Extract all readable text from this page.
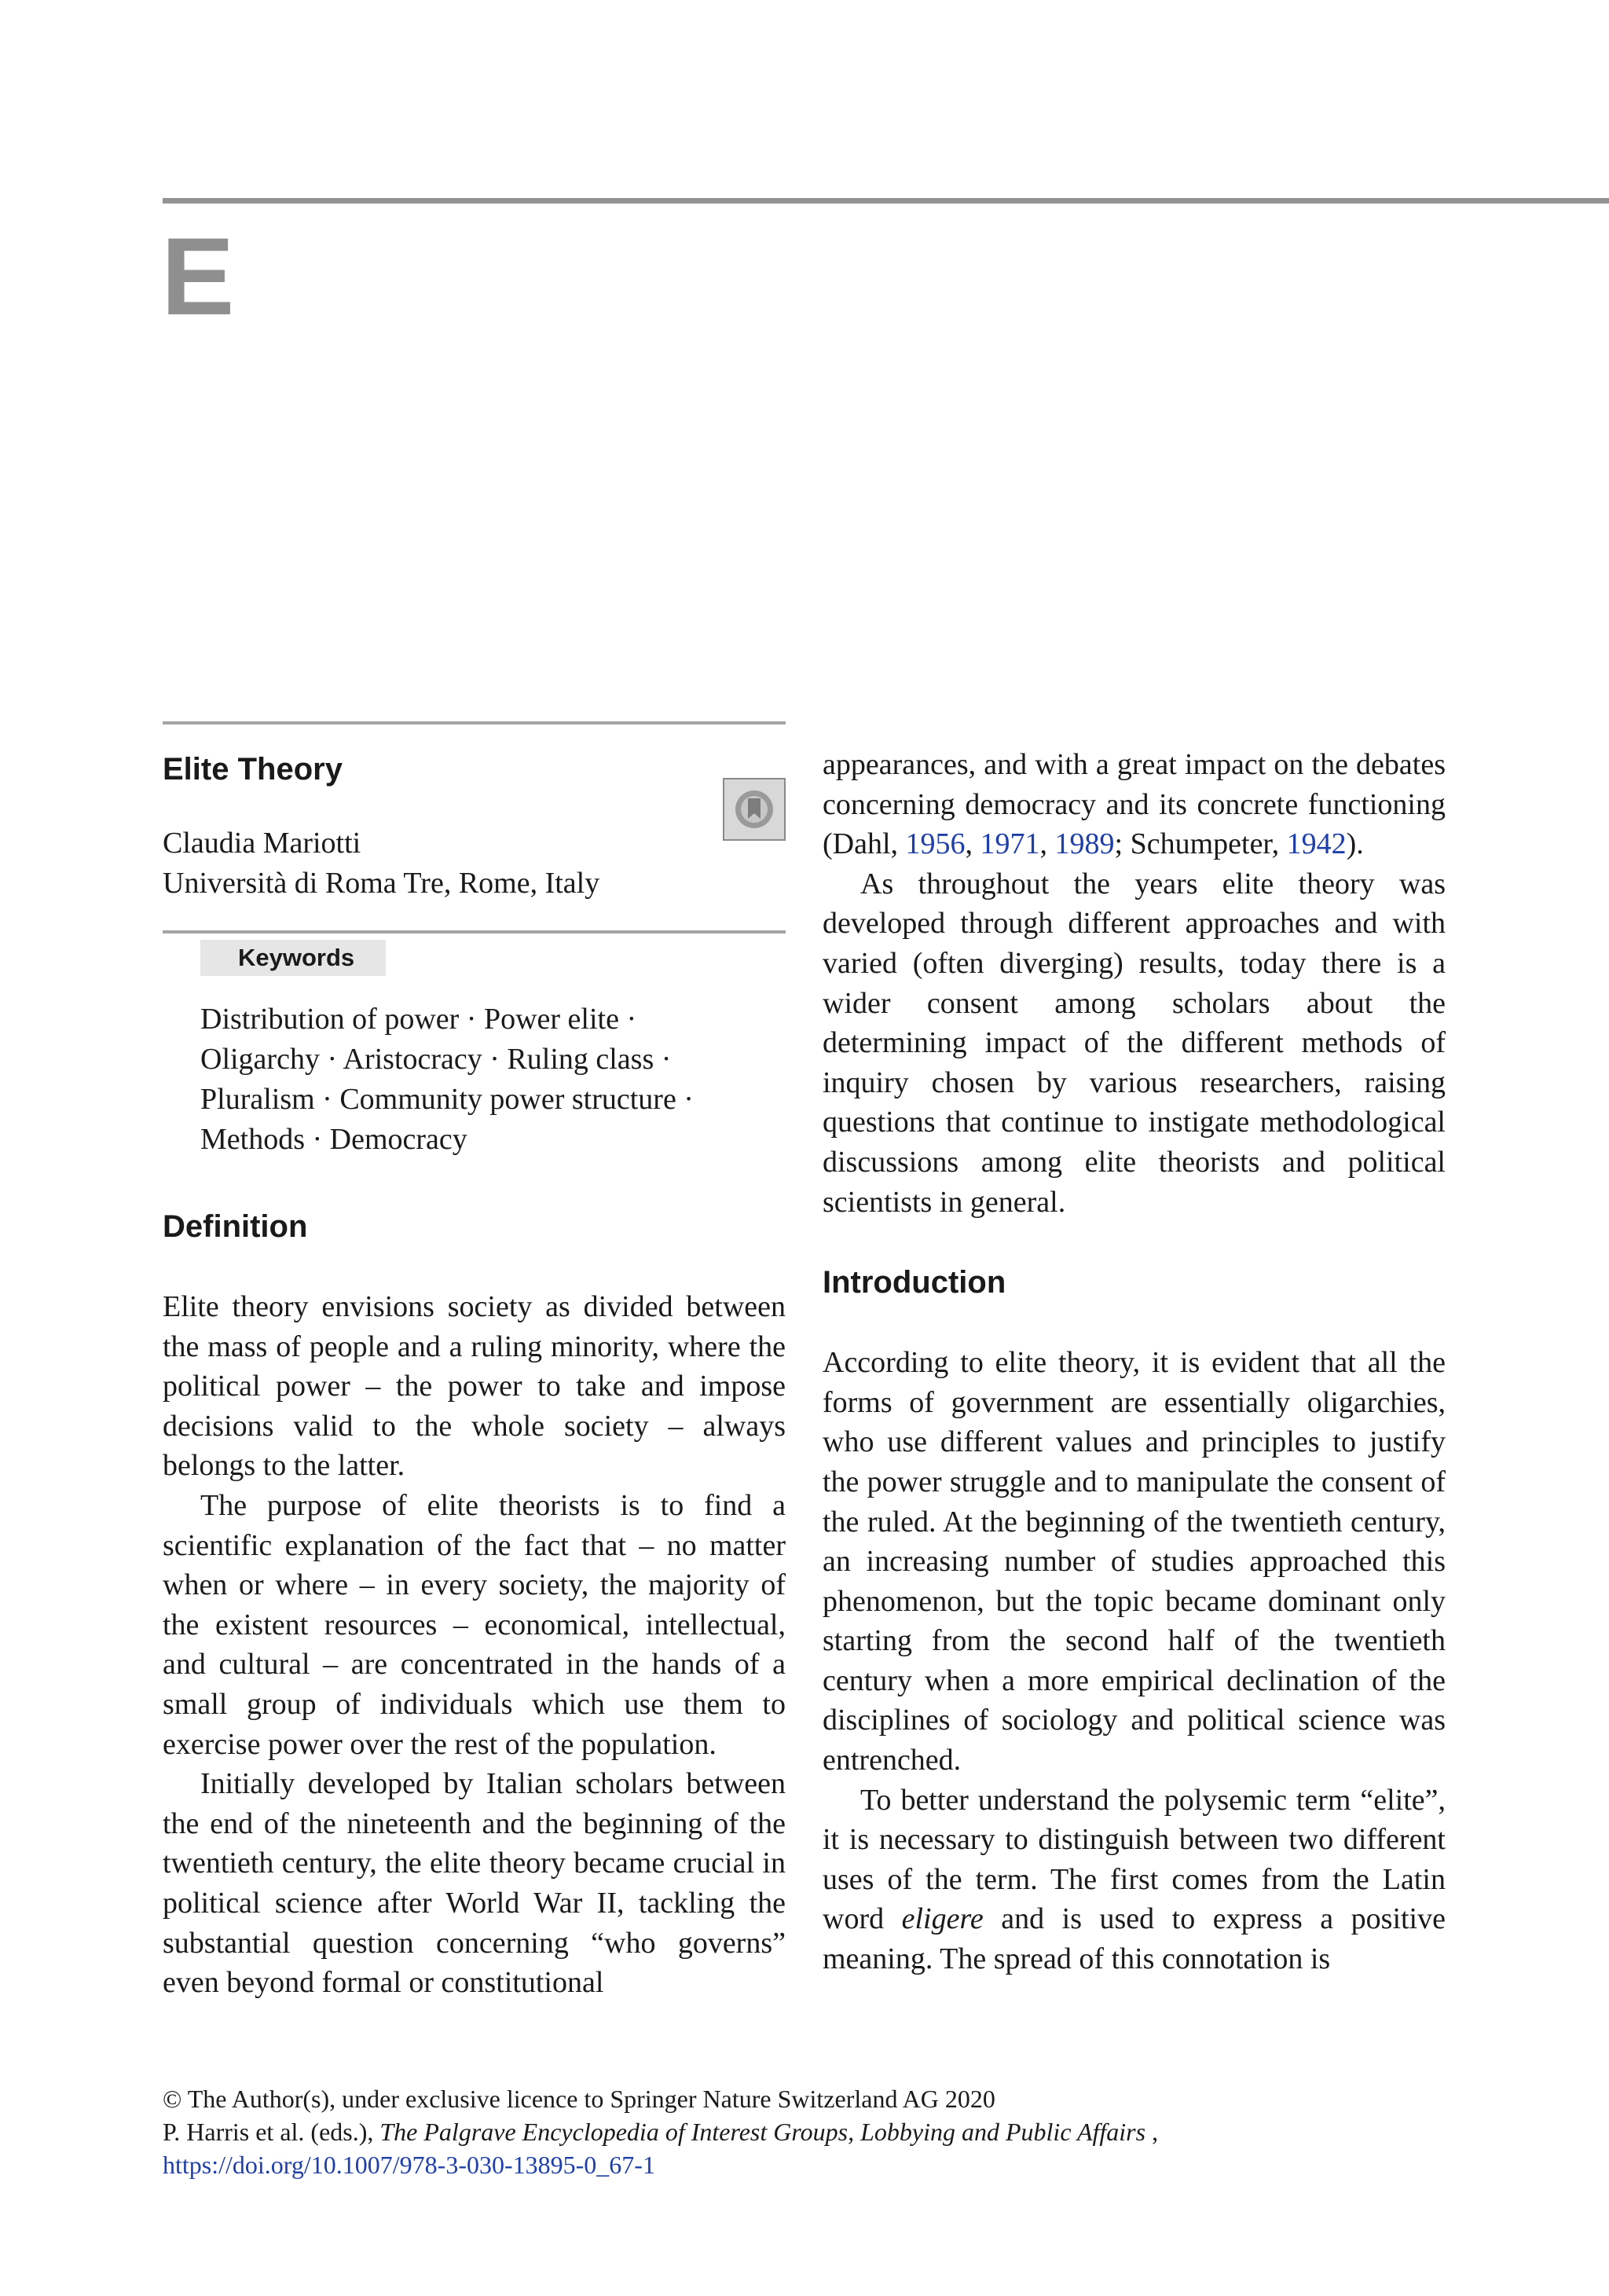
E
Elite Theory
Claudia Mariotti
Università di Roma Tre, Rome, Italy
Keywords
Distribution of power · Power elite ·
Oligarchy · Aristocracy · Ruling class ·
Pluralism · Community power structure ·
Methods · Democracy
Definition

Elite theory envisions society as divided between the mass of people and a ruling minority, where the political power – the power to take and impose decisions valid to the whole society – always belongs to the latter.

The purpose of elite theorists is to find a scientific explanation of the fact that – no matter when or where – in every society, the majority of the existent resources – economical, intellectual, and cultural – are concentrated in the hands of a small group of individuals which use them to exercise power over the rest of the population.

Initially developed by Italian scholars between the end of the nineteenth and the beginning of the twentieth century, the elite theory became crucial in political science after World War II, tackling the substantial question concerning “who governs” even beyond formal or constitutional

appearances, and with a great impact on the debates concerning democracy and its concrete functioning (Dahl, 1956, 1971, 1989; Schumpeter, 1942).

As throughout the years elite theory was developed through different approaches and with varied (often diverging) results, today there is a wider consent among scholars about the determining impact of the different methods of inquiry chosen by various researchers, raising questions that continue to instigate methodological discussions among elite theorists and political scientists in general.

Introduction

According to elite theory, it is evident that all the forms of government are essentially oligarchies, who use different values and principles to justify the power struggle and to manipulate the consent of the ruled. At the beginning of the twentieth century, an increasing number of studies approached this phenomenon, but the topic became dominant only starting from the second half of the twentieth century when a more empirical declination of the disciplines of sociology and political science was entrenched.

To better understand the polysemic term “elite”, it is necessary to distinguish between two different uses of the term. The first comes from the Latin word eligere and is used to express a positive meaning. The spread of this connotation is

© The Author(s), under exclusive licence to Springer Nature Switzerland AG 2020
P. Harris et al. (eds.), The Palgrave Encyclopedia of Interest Groups, Lobbying and Public Affairs ,
https://doi.org/10.1007/978-3-030-13895-0_67-1
